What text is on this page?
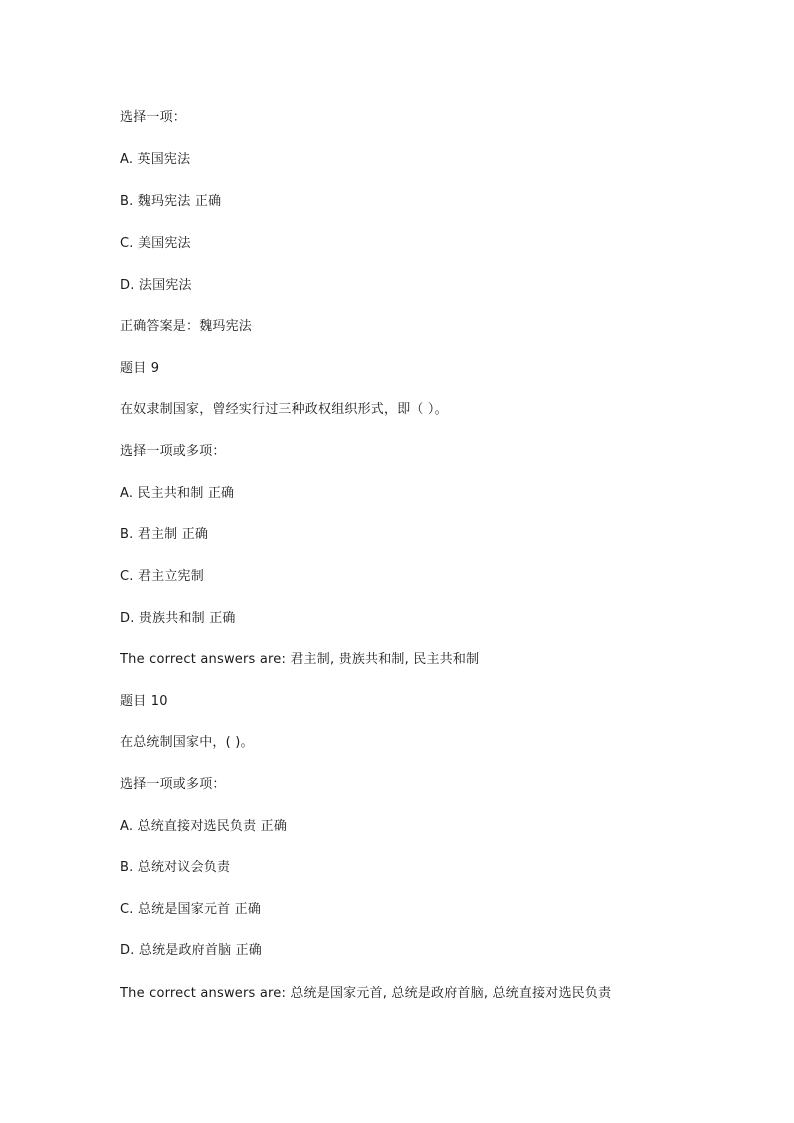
选择一项：
A. 英国宪法
B. 魏玛宪法 正确
C. 美国宪法
D. 法国宪法
正确答案是：魏玛宪法
题目 9
在奴隶制国家，曾经实行过三种政权组织形式，即（ ）。
选择一项或多项：
A. 民主共和制 正确
B. 君主制 正确
C. 君主立宪制
D. 贵族共和制 正确
The correct answers are: 君主制, 贵族共和制, 民主共和制
题目 10
在总统制国家中，( )。
选择一项或多项：
A. 总统直接对选民负责 正确
B. 总统对议会负责
C. 总统是国家元首 正确
D. 总统是政府首脑 正确
The correct answers are: 总统是国家元首, 总统是政府首脑, 总统直接对选民负责
